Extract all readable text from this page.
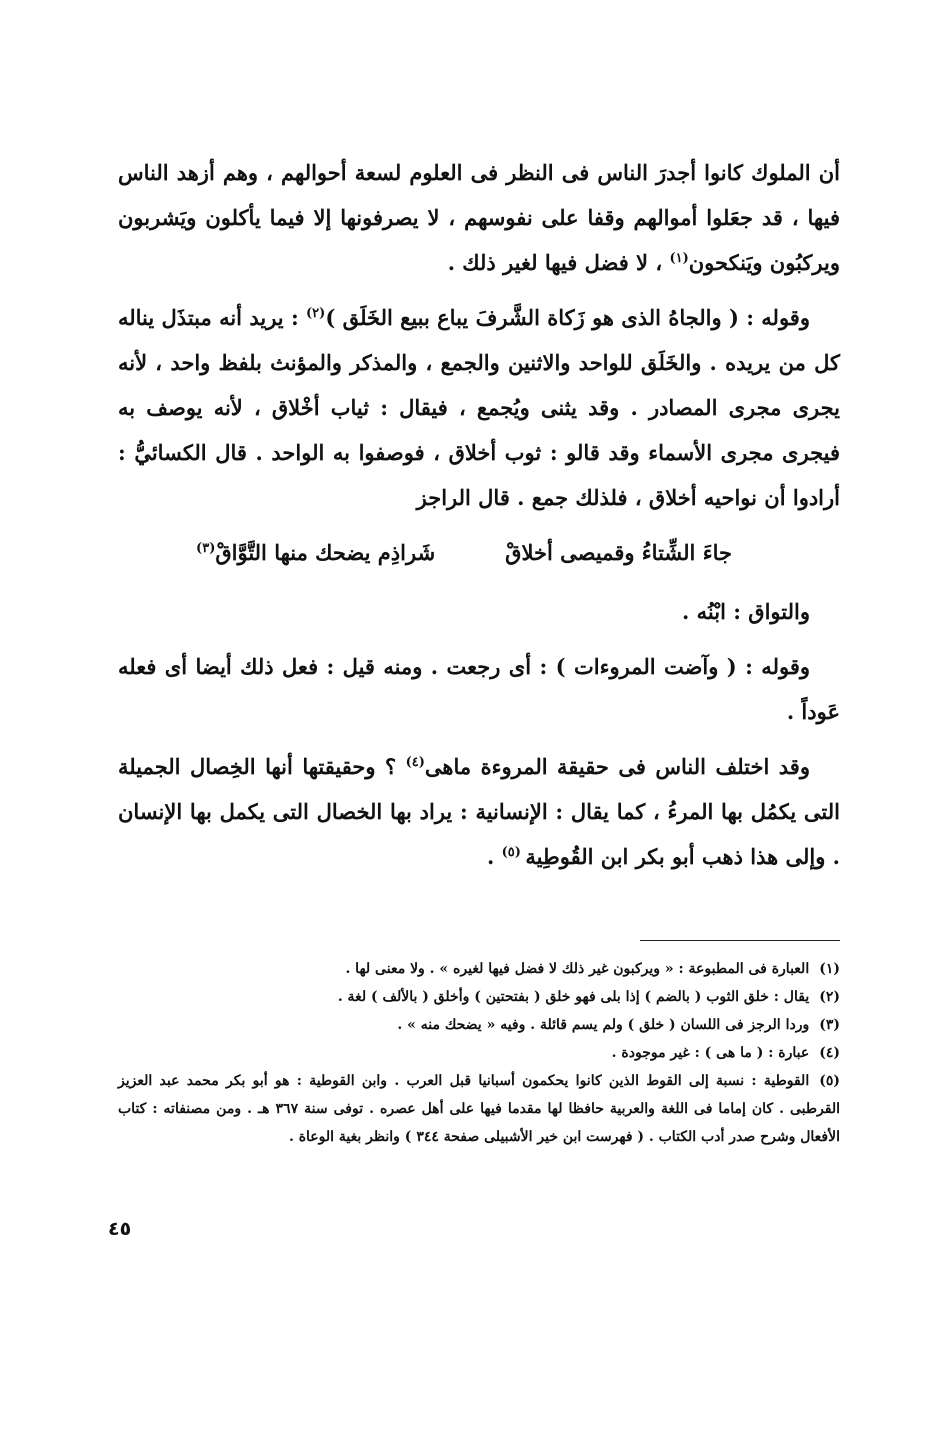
أن الملوك كانوا أجدرَ الناس فى النظر فى العلوم لسعة أحوالهم ، وهم أزهد الناس فيها ، قد جعَلوا أموالهم وقفا على نفوسهم ، لا يصرفونها إلا فيما يأكلون ويَشربون ويركبُون ويَنكحون$^{(١)}$ ، لا فضل فيها لغير ذلك .

وقوله : ( والجاهُ الذى هو زَكاة الشَّرفَ يباع ببيع الخَلَق )$^{(٢)}$ : يريد أنه مبتذَل يناله كل من يريده . والخَلَق للواحد والاثنين والجمع ، والمذكر والمؤنث بلفظ واحد ، لأنه يجرى مجرى المصادر . وقد يثنى ويُجمع ، فيقال : ثياب أخْلاق ، لأنه يوصف به فيجرى مجرى الأسماء وقد قالو : ثوب أخلاق ، فوصفوا به الواحد . قال الكسائيُّ : أرادوا أن نواحيه أخلاق ، فلذلك جمع . قال الراجز

جاءَ الشِّتاءُ وقميصى أخلاقْ
شَراذِم يضحك منها التَّوَّاقْ$^{(٣)}$

والتواق : ابْنُه .

وقوله : ( وآضت المروءات ) : أى رجعت . ومنه قيل : فعل ذلك أيضا أى فعله عَوداً .

وقد اختلف الناس فى حقيقة المروءة ماهى$^{(٤)}$ ؟ وحقيقتها أنها الخِصال الجميلة التى يكمُل بها المرءُ ، كما يقال : الإنسانية : يراد بها الخصال التى يكمل بها الإنسان . وإلى هذا ذهب أبو بكر ابن القُوطِية $^{(٥)}$ .

(١)العبارة فى المطبوعة : « ويركبون غير ذلك لا فضل فيها لغيره » . ولا معنى لها .

(٢)يقال : خلق الثوب ( بالضم ) إذا بلى فهو خلق ( بفتحتين ) وأخلق ( بالألف ) لغة .

(٣)وردا الرجز فى اللسان ( خلق ) ولم يسم قائلة . وفيه « يضحك منه » .

(٤)عبارة : ( ما هى ) : غير موجودة .

(٥)القوطية : نسبة إلى القوط الذين كانوا يحكمون أسبانيا قبل العرب . وابن القوطية : هو أبو بكر محمد عبد العزيز القرطبى . كان إماما فى اللغة والعربية حافظا لها مقدما فيها على أهل عصره . توفى سنة ٣٦٧ هـ . ومن مصنفاته : كتاب الأفعال وشرح صدر أدب الكتاب . ( فهرست ابن خير الأشبيلى صفحة ٣٤٤ ) وانظر بغية الوعاة .

٤٥
